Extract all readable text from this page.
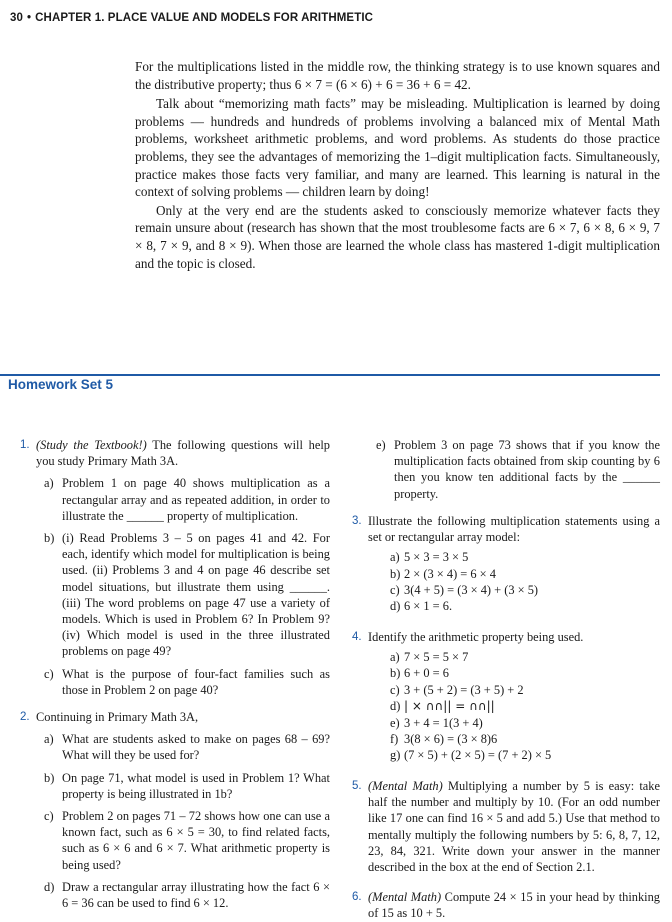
30 • CHAPTER 1. PLACE VALUE AND MODELS FOR ARITHMETIC

For the multiplications listed in the middle row, the thinking strategy is to use known squares and the distributive property; thus 6 × 7 = (6 × 6) + 6 = 36 + 6 = 42.

Talk about “memorizing math facts” may be misleading. Multiplication is learned by doing problems — hundreds and hundreds of problems involving a balanced mix of Mental Math problems, worksheet arithmetic problems, and word problems. As students do those practice problems, they see the advantages of memorizing the 1–digit multiplication facts. Simultaneously, practice makes those facts very familiar, and many are learned. This learning is natural in the context of solving problems — children learn by doing!

Only at the very end are the students asked to consciously memorize whatever facts they remain unsure about (research has shown that the most troublesome facts are 6 × 7, 6 × 8, 6 × 9, 7 × 8, 7 × 9, and 8 × 9). When those are learned the whole class has mastered 1-digit multiplication and the topic is closed.

Homework Set 5
1. (Study the Textbook!) The following questions will help you study Primary Math 3A.
a) Problem 1 on page 40 shows multiplication as a rectangular array and as repeated addition, in order to illustrate the ______ property of multiplication.
b) (i) Read Problems 3 – 5 on pages 41 and 42. For each, identify which model for multiplication is being used. (ii) Problems 3 and 4 on page 46 describe set model situations, but illustrate them using ______. (iii) The word problems on page 47 use a variety of models. Which is used in Problem 6? In Problem 9? (iv) Which model is used in the three illustrated problems on page 49?
c) What is the purpose of four-fact families such as those in Problem 2 on page 40?
2. Continuing in Primary Math 3A,
a) What are students asked to make on pages 68 – 69? What will they be used for?
b) On page 71, what model is used in Problem 1? What property is being illustrated in 1b?
c) Problem 2 on pages 71 – 72 shows how one can use a known fact, such as 6 × 5 = 30, to find related facts, such as 6 × 6 and 6 × 7. What arithmetic property is being used?
d) Draw a rectangular array illustrating how the fact 6 × 6 = 36 can be used to find 6 × 12.
e) Problem 3 on page 73 shows that if you know the multiplication facts obtained from skip counting by 6 then you know ten additional facts by the ______ property.
3. Illustrate the following multiplication statements using a set or rectangular array model:
a) 5 × 3 = 3 × 5
b) 2 × (3 × 4) = 6 × 4
c) 3(4 + 5) = (3 × 4) + (3 × 5)
d) 6 × 1 = 6.
4. Identify the arithmetic property being used.
a) 7 × 5 = 5 × 7
b) 6 + 0 = 6
c) 3 + (5 + 2) = (3 + 5) + 2
d) | × ∩∩|| = ∩∩||
e) 3 + 4 = 1(3 + 4)
f) 3(8 × 6) = (3 × 8)6
g) (7 × 5) + (2 × 5) = (7 + 2) × 5
5. (Mental Math) Multiplying a number by 5 is easy: take half the number and multiply by 10. (For an odd number like 17 one can find 16 × 5 and add 5.) Use that method to mentally multiply the following numbers by 5: 6, 8, 7, 12, 23, 84, 321. Write down your answer in the manner described in the box at the end of Section 2.1.
6. (Mental Math) Compute 24 × 15 in your head by thinking of 15 as 10 + 5.
